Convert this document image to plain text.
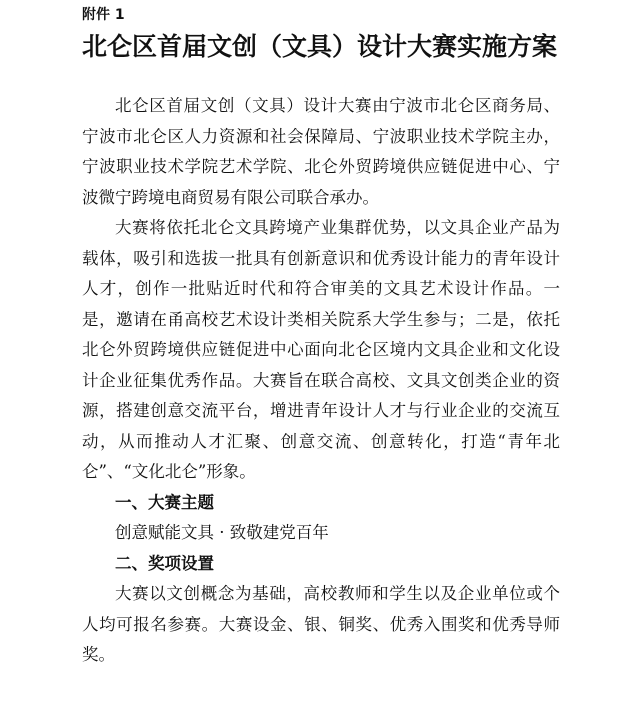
附件 1
北仑区首届文创（文具）设计大赛实施方案

北仑区首届文创（文具）设计大赛由宁波市北仑区商务局、宁波市北仑区人力资源和社会保障局、宁波职业技术学院主办，宁波职业技术学院艺术学院、北仑外贸跨境供应链促进中心、宁波微宁跨境电商贸易有限公司联合承办。

大赛将依托北仑文具跨境产业集群优势，以文具企业产品为载体，吸引和选拔一批具有创新意识和优秀设计能力的青年设计人才，创作一批贴近时代和符合审美的文具艺术设计作品。一是，邀请在甬高校艺术设计类相关院系大学生参与；二是，依托北仑外贸跨境供应链促进中心面向北仑区境内文具企业和文化设计企业征集优秀作品。大赛旨在联合高校、文具文创类企业的资源，搭建创意交流平台，增进青年设计人才与行业企业的交流互动，从而推动人才汇聚、创意交流、创意转化，打造“青年北仑”、“文化北仑”形象。

一、大赛主题

创意赋能文具 · 致敬建党百年

二、奖项设置

大赛以文创概念为基础，高校教师和学生以及企业单位或个人均可报名参赛。大赛设金、银、铜奖、优秀入围奖和优秀导师奖。
